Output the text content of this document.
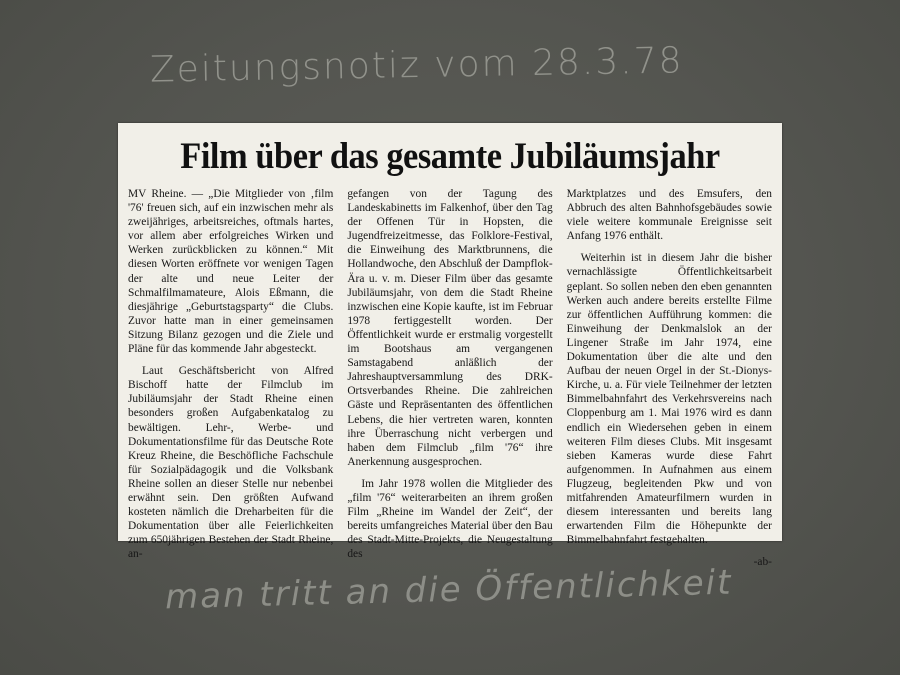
Zeitungsnotiz vom 28.3.78
Film über das gesamte Jubiläumsjahr

MV Rheine. — „Die Mitglieder von ‚film '76' freuen sich, auf ein inzwischen mehr als zweijähriges, arbeitsreiches, oftmals hartes, vor allem aber erfolgreiches Wirken und Werken zurückblicken zu können.“ Mit diesen Worten eröffnete vor wenigen Tagen der alte und neue Leiter der Schmalfilmamateure, Alois Eßmann, die diesjährige „Geburtstagsparty“ die Clubs. Zuvor hatte man in einer gemeinsamen Sitzung Bilanz gezogen und die Ziele und Pläne für das kommende Jahr abgesteckt.

Laut Geschäftsbericht von Alfred Bischoff hatte der Filmclub im Jubiläumsjahr der Stadt Rheine einen besonders großen Aufgabenkatalog zu bewältigen. Lehr-, Werbe- und Dokumentationsfilme für das Deutsche Rote Kreuz Rheine, die Beschöfliche Fachschule für Sozialpädagogik und die Volksbank Rheine sollen an dieser Stelle nur nebenbei erwähnt sein. Den größten Aufwand kosteten nämlich die Dreharbeiten für die Dokumentation über alle Feierlichkeiten zum 650jährigen Bestehen der Stadt Rheine, an-

gefangen von der Tagung des Landeskabinetts im Falkenhof, über den Tag der Offenen Tür in Hopsten, die Jugendfreizeitmesse, das Folklore-Festival, die Einweihung des Marktbrunnens, die Hollandwoche, den Abschluß der Dampflok-Ära u. v. m. Dieser Film über das gesamte Jubiläumsjahr, von dem die Stadt Rheine inzwischen eine Kopie kaufte, ist im Februar 1978 fertiggestellt worden. Der Öffentlichkeit wurde er erstmalig vorgestellt im Bootshaus am vergangenen Samstagabend anläßlich der Jahreshauptversammlung des DRK-Ortsverbandes Rheine. Die zahlreichen Gäste und Repräsentanten des öffentlichen Lebens, die hier vertreten waren, konnten ihre Überraschung nicht verbergen und haben dem Filmclub „film '76“ ihre Anerkennung ausgesprochen.

Im Jahr 1978 wollen die Mitglieder des „film '76“ weiterarbeiten an ihrem großen Film „Rheine im Wandel der Zeit“, der bereits umfangreiches Material über den Bau des Stadt-Mitte-Projekts, die Neugestaltung des

Marktplatzes und des Emsufers, den Abbruch des alten Bahnhofsgebäudes sowie viele weitere kommunale Ereignisse seit Anfang 1976 enthält.

Weiterhin ist in diesem Jahr die bisher vernachlässigte Öffentlichkeitsarbeit geplant. So sollen neben den eben genannten Werken auch andere bereits erstellte Filme zur öffentlichen Aufführung kommen: die Einweihung der Denkmalslok an der Lingener Straße im Jahr 1974, eine Dokumentation über die alte und den Aufbau der neuen Orgel in der St.-Dionys-Kirche, u. a. Für viele Teilnehmer der letzten Bimmelbahnfahrt des Verkehrsvereins nach Cloppenburg am 1. Mai 1976 wird es dann endlich ein Wiedersehen geben in einem weiteren Film dieses Clubs. Mit insgesamt sieben Kameras wurde diese Fahrt aufgenommen. In Aufnahmen aus einem Flugzeug, begleitenden Pkw und von mitfahrenden Amateurfilmern wurden in diesem interessanten und bereits lang erwartenden Film die Höhepunkte der Bimmelbahnfahrt festgehalten.

-ab-

man tritt an die Öffentlichkeit
